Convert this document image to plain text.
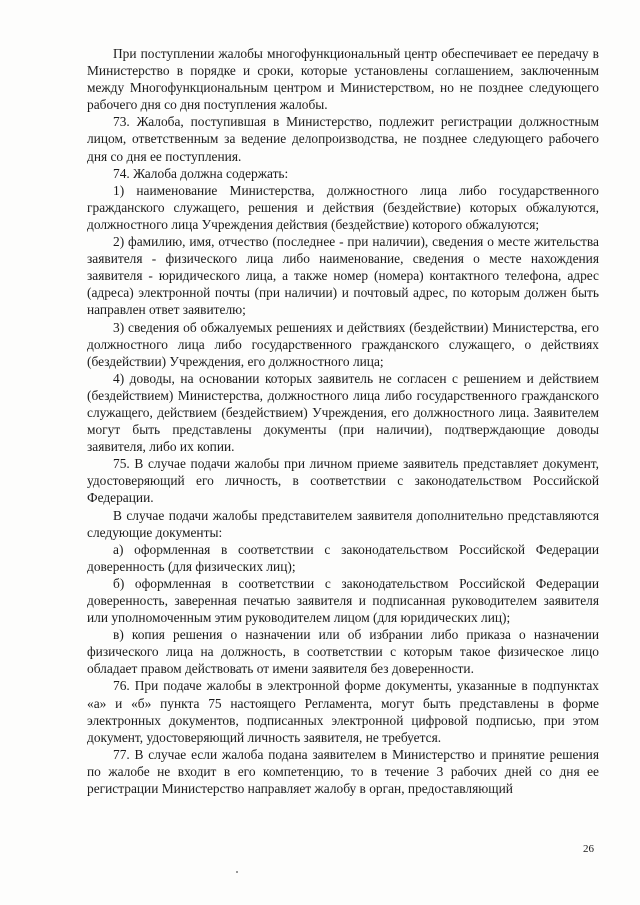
При поступлении жалобы многофункциональный центр обеспечивает ее передачу в Министерство в порядке и сроки, которые установлены соглашением, заключенным между Многофункциональным центром и Министерством, но не позднее следующего рабочего дня со дня поступления жалобы.

73. Жалоба, поступившая в Министерство, подлежит регистрации должностным лицом, ответственным за ведение делопроизводства, не позднее следующего рабочего дня со дня ее поступления.

74. Жалоба должна содержать:

1) наименование Министерства, должностного лица либо государственного гражданского служащего, решения и действия (бездействие) которых обжалуются, должностного лица Учреждения действия (бездействие) которого обжалуются;

2) фамилию, имя, отчество (последнее - при наличии), сведения о месте жительства заявителя - физического лица либо наименование, сведения о месте нахождения заявителя - юридического лица, а также номер (номера) контактного телефона, адрес (адреса) электронной почты (при наличии) и почтовый адрес, по которым должен быть направлен ответ заявителю;

3) сведения об обжалуемых решениях и действиях (бездействии) Министерства, его должностного лица либо государственного гражданского служащего, о действиях (бездействии) Учреждения, его должностного лица;

4) доводы, на основании которых заявитель не согласен с решением и действием (бездействием) Министерства, должностного лица либо государственного гражданского служащего, действием (бездействием) Учреждения, его должностного лица. Заявителем могут быть представлены документы (при наличии), подтверждающие доводы заявителя, либо их копии.

75. В случае подачи жалобы при личном приеме заявитель представляет документ, удостоверяющий его личность, в соответствии с законодательством Российской Федерации.

В случае подачи жалобы представителем заявителя дополнительно представляются следующие документы:

а) оформленная в соответствии с законодательством Российской Федерации доверенность (для физических лиц);

б) оформленная в соответствии с законодательством Российской Федерации доверенность, заверенная печатью заявителя и подписанная руководителем заявителя или уполномоченным этим руководителем лицом (для юридических лиц);

в) копия решения о назначении или об избрании либо приказа о назначении физического лица на должность, в соответствии с которым такое физическое лицо обладает правом действовать от имени заявителя без доверенности.

76. При подаче жалобы в электронной форме документы, указанные в подпунктах «а» и «б» пункта 75 настоящего Регламента, могут быть представлены в форме электронных документов, подписанных электронной цифровой подписью, при этом документ, удостоверяющий личность заявителя, не требуется.

77. В случае если жалоба подана заявителем в Министерство и принятие решения по жалобе не входит в его компетенцию, то в течение 3 рабочих дней со дня ее регистрации Министерство направляет жалобу в орган, предоставляющий

26
